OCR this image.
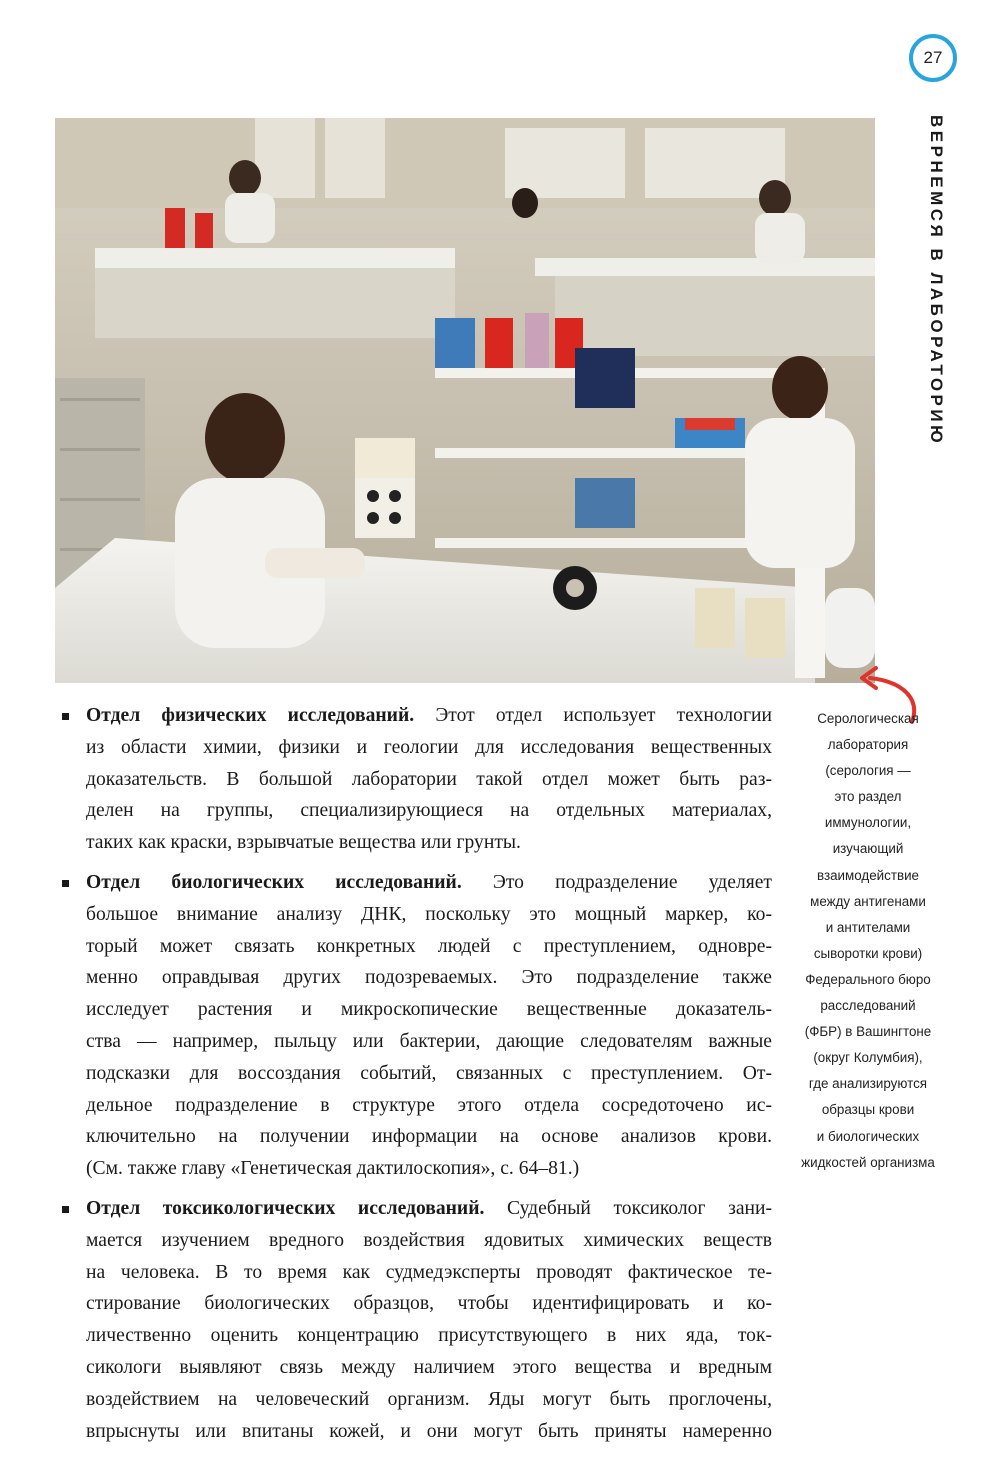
27
ВЕРНЕМСЯ В ЛАБОРАТОРИЮ
Серологическая
лаборатория
(серология —
это раздел
иммунологии,
изучающий
взаимодействие
между антигенами
и антителами
сыворотки крови)
Федерального бюро
расследований
(ФБР) в Вашингтоне
(округ Колумбия),
где анализируются
образцы крови
и биологических
жидкостей организма
Отдел физических исследований. Этот отдел использует технологии
из области химии, физики и геологии для исследования вещественных
доказательств. В большой лаборатории такой отдел может быть раз-
делен на группы, специализирующиеся на отдельных материалах,
таких как краски, взрывчатые вещества или грунты.
Отдел биологических исследований. Это подразделение уделяет
большое внимание анализу ДНК, поскольку это мощный маркер, ко-
торый может связать конкретных людей с преступлением, одновре-
менно оправдывая других подозреваемых. Это подразделение также
исследует растения и микроскопические вещественные доказатель-
ства — например, пыльцу или бактерии, дающие следователям важные
подсказки для воссоздания событий, связанных с преступлением. От-
дельное подразделение в структуре этого отдела сосредоточено ис-
ключительно на получении информации на основе анализов крови.
(См. также главу «Генетическая дактилоскопия», с. 64–81.)
Отдел токсикологических исследований. Судебный токсиколог зани-
мается изучением вредного воздействия ядовитых химических веществ
на человека. В то время как судмедэксперты проводят фактическое те-
стирование биологических образцов, чтобы идентифицировать и ко-
личественно оценить концентрацию присутствующего в них яда, ток-
сикологи выявляют связь между наличием этого вещества и вредным
воздействием на человеческий организм. Яды могут быть проглочены,
впрыснуты или впитаны кожей, и они могут быть приняты намеренно
